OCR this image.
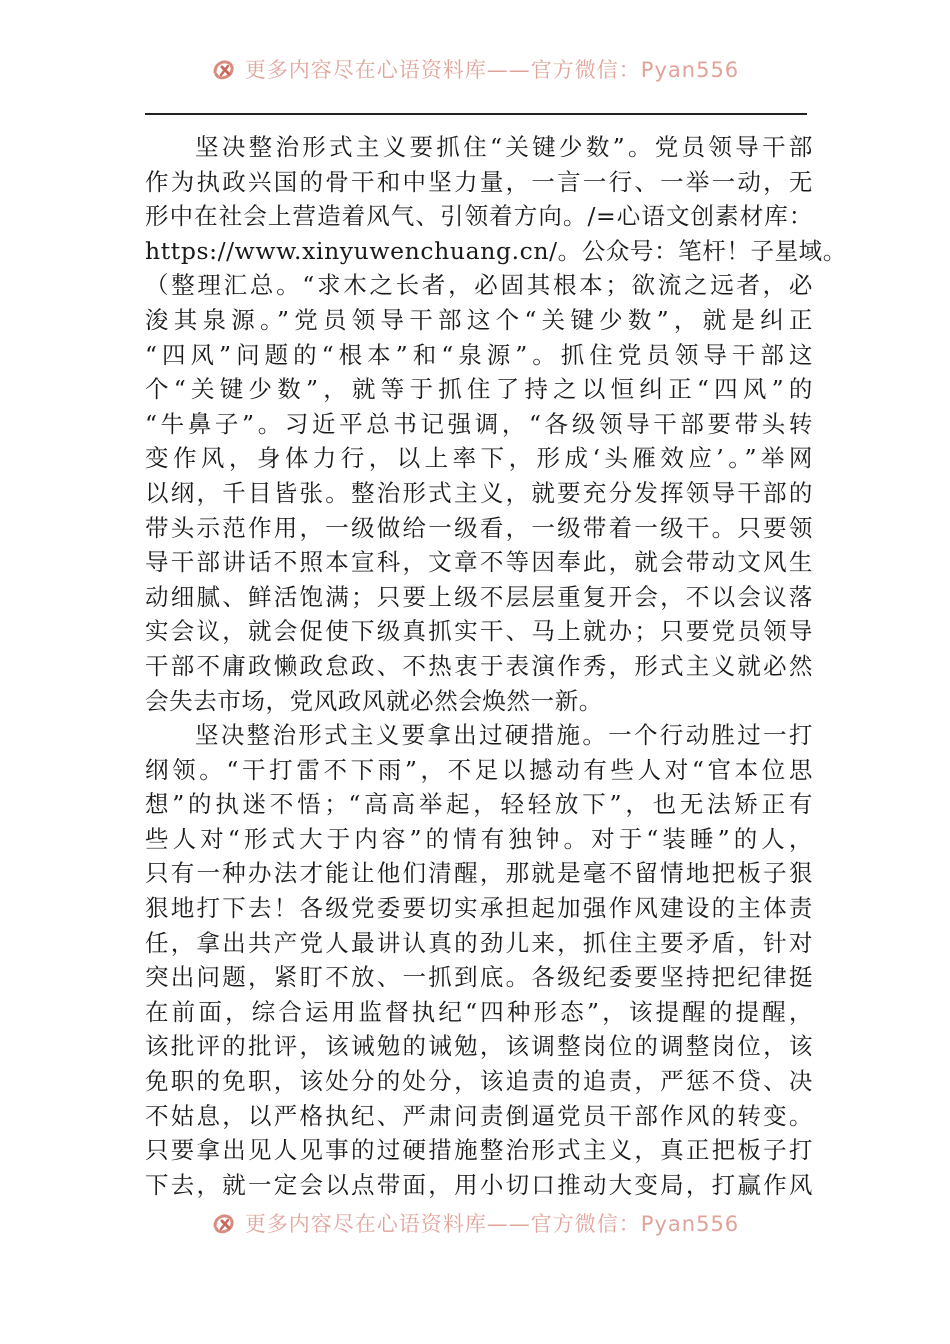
更多内容尽在心语资料库——官方微信：Pyan556
坚决整治形式主义要抓住“关键少数”。党员领导干部
作为执政兴国的骨干和中坚力量，一言一行、一举一动，无
形中在社会上营造着风气、引领着方向。/=心语文创素材库：
https://www.xinyuwenchuang.cn/。公众号：笔杆！子星域。
（整理汇总。“求木之长者，必固其根本；欲流之远者，必
浚其泉源。”党员领导干部这个“关键少数”，就是纠正
“四风”问题的“根本”和“泉源”。抓住党员领导干部这
个“关键少数”，就等于抓住了持之以恒纠正“四风”的
“牛鼻子”。习近平总书记强调，“各级领导干部要带头转
变作风，身体力行，以上率下，形成‘头雁效应’。”举网
以纲，千目皆张。整治形式主义，就要充分发挥领导干部的
带头示范作用，一级做给一级看，一级带着一级干。只要领
导干部讲话不照本宣科，文章不等因奉此，就会带动文风生
动细腻、鲜活饱满；只要上级不层层重复开会，不以会议落
实会议，就会促使下级真抓实干、马上就办；只要党员领导
干部不庸政懒政怠政、不热衷于表演作秀，形式主义就必然
会失去市场，党风政风就必然会焕然一新。
坚决整治形式主义要拿出过硬措施。一个行动胜过一打
纲领。“干打雷不下雨”，不足以撼动有些人对“官本位思
想”的执迷不悟；“高高举起，轻轻放下”，也无法矫正有
些人对“形式大于内容”的情有独钟。对于“装睡”的人，
只有一种办法才能让他们清醒，那就是毫不留情地把板子狠
狠地打下去！各级党委要切实承担起加强作风建设的主体责
任，拿出共产党人最讲认真的劲儿来，抓住主要矛盾，针对
突出问题，紧盯不放、一抓到底。各级纪委要坚持把纪律挺
在前面，综合运用监督执纪“四种形态”，该提醒的提醒，
该批评的批评，该诫勉的诫勉，该调整岗位的调整岗位，该
免职的免职，该处分的处分，该追责的追责，严惩不贷、决
不姑息，以严格执纪、严肃问责倒逼党员干部作风的转变。
只要拿出见人见事的过硬措施整治形式主义，真正把板子打
下去，就一定会以点带面，用小切口推动大变局，打赢作风
更多内容尽在心语资料库——官方微信：Pyan556
